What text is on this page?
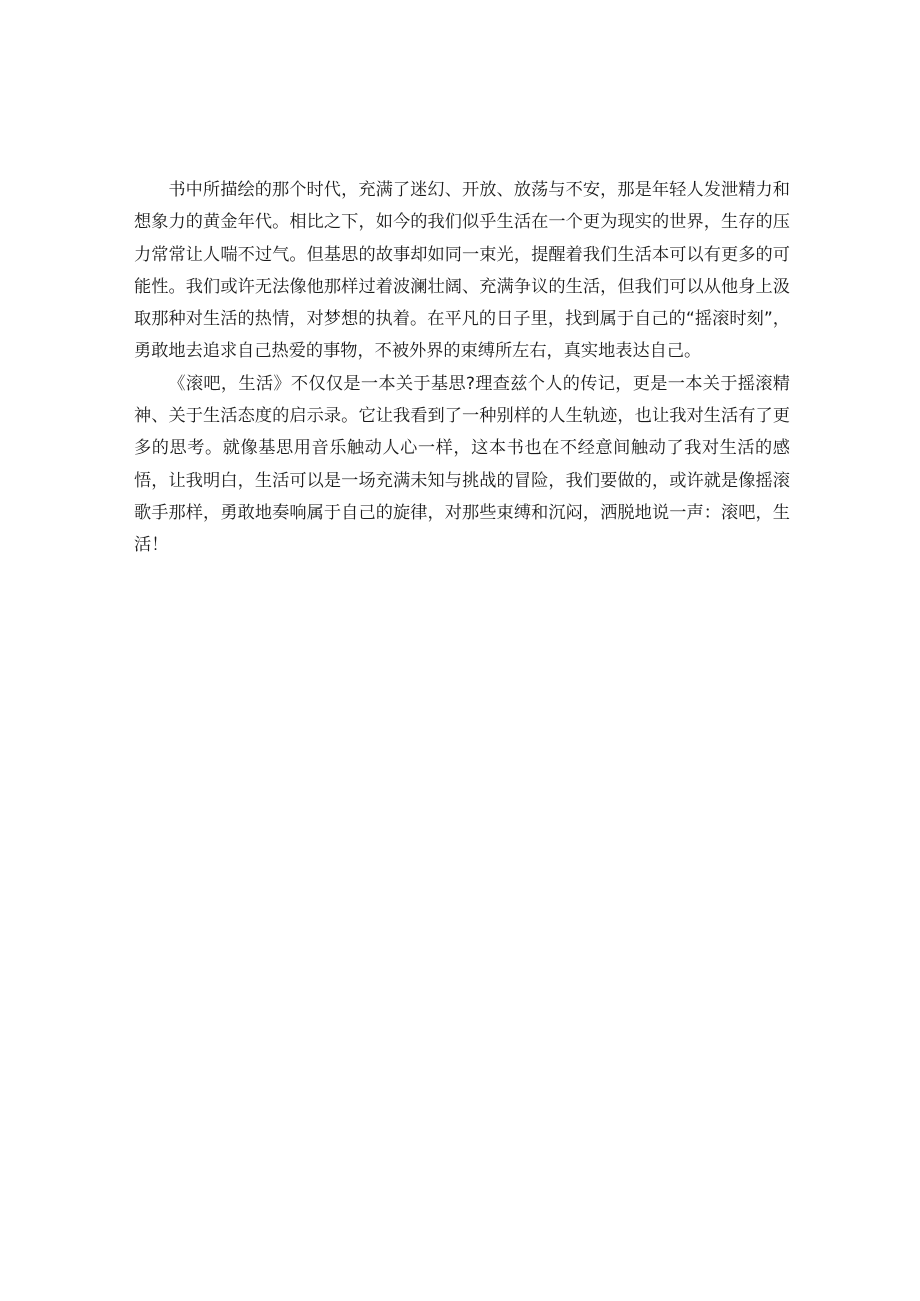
书中所描绘的那个时代，充满了迷幻、开放、放荡与不安，那是年轻人发泄精力和想象力的黄金年代。相比之下，如今的我们似乎生活在一个更为现实的世界，生存的压力常常让人喘不过气。但基思的故事却如同一束光，提醒着我们生活本可以有更多的可能性。我们或许无法像他那样过着波澜壮阔、充满争议的生活，但我们可以从他身上汲取那种对生活的热情，对梦想的执着。在平凡的日子里，找到属于自己的“摇滚时刻”，勇敢地去追求自己热爱的事物，不被外界的束缚所左右，真实地表达自己。

《滚吧，生活》不仅仅是一本关于基思?理查兹个人的传记，更是一本关于摇滚精神、关于生活态度的启示录。它让我看到了一种别样的人生轨迹，也让我对生活有了更多的思考。就像基思用音乐触动人心一样，这本书也在不经意间触动了我对生活的感悟，让我明白，生活可以是一场充满未知与挑战的冒险，我们要做的，或许就是像摇滚歌手那样，勇敢地奏响属于自己的旋律，对那些束缚和沉闷，洒脱地说一声：滚吧，生活！
